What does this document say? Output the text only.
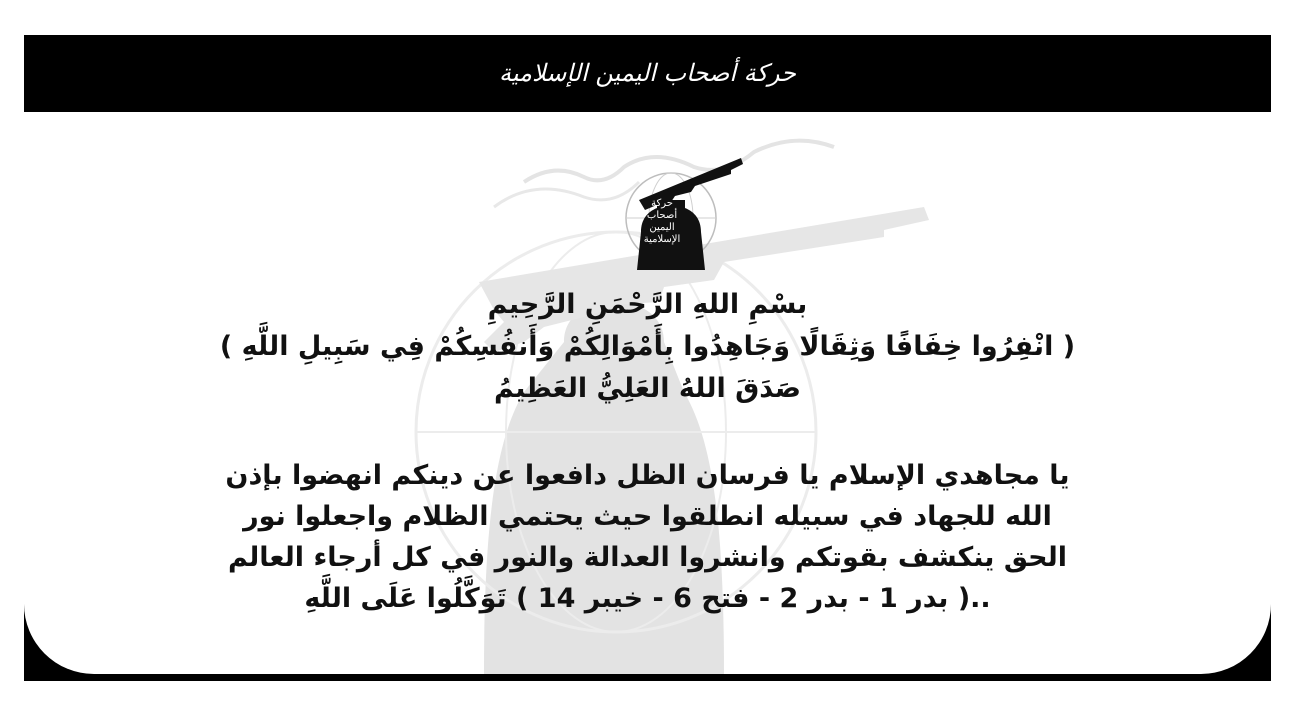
حركة أصحاب اليمين الإسلامية
حركة
أصحاب اليمين
الإسلامية
بسْمِ اللهِ الرَّحْمَنِ الرَّحِيمِ
( انْفِرُوا خِفَافًا وَثِقَالًا وَجَاهِدُوا بِأَمْوَالِكُمْ وَأَنفُسِكُمْ فِي سَبِيلِ اللَّهِ )
صَدَقَ اللهُ العَلِيُّ العَظِيمُ
يا مجاهدي الإسلام يا فرسان الظل دافعوا عن دينكم انهضوا بإذن
الله للجهاد في سبيله انطلقوا حيث يحتمي الظلام واجعلوا نور
الحق ينكشف بقوتكم وانشروا العدالة والنور في كل أرجاء العالم
..( بدر 1 - بدر 2 - فتح 6 - خيبر 14 ) تَوَكَّلُوا عَلَى اللَّهِ
